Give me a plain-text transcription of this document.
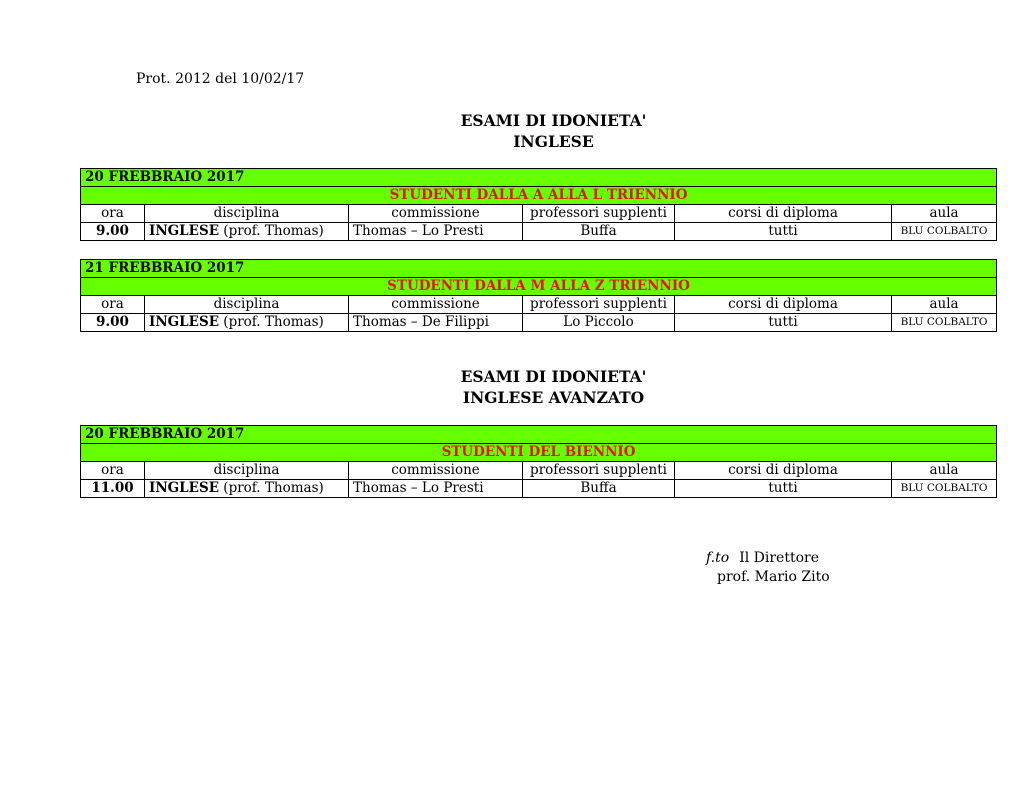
Prot. 2012 del 10/02/17
ESAMI DI IDONIETA'
INGLESE
20 FREBBRAIO 2017					
STUDENTI DALLA A ALLA L TRIENNIO					
ora	disciplina	commissione	professori supplenti	corsi di diploma	aula
9.00	INGLESE (prof. Thomas)	Thomas – Lo Presti	Buffa	tutti	BLU COLBALTO
21 FREBBRAIO 2017					
STUDENTI DALLA M ALLA Z TRIENNIO					
ora	disciplina	commissione	professori supplenti	corsi di diploma	aula
9.00	INGLESE (prof. Thomas)	Thomas – De Filippi	Lo Piccolo	tutti	BLU COLBALTO
ESAMI DI IDONIETA'
INGLESE AVANZATO
20 FREBBRAIO 2017					
STUDENTI DEL BIENNIO					
ora	disciplina	commissione	professori supplenti	corsi di diploma	aula
11.00	INGLESE (prof. Thomas)	Thomas – Lo Presti	Buffa	tutti	BLU COLBALTO
f.to Il Direttore
prof. Mario Zito
